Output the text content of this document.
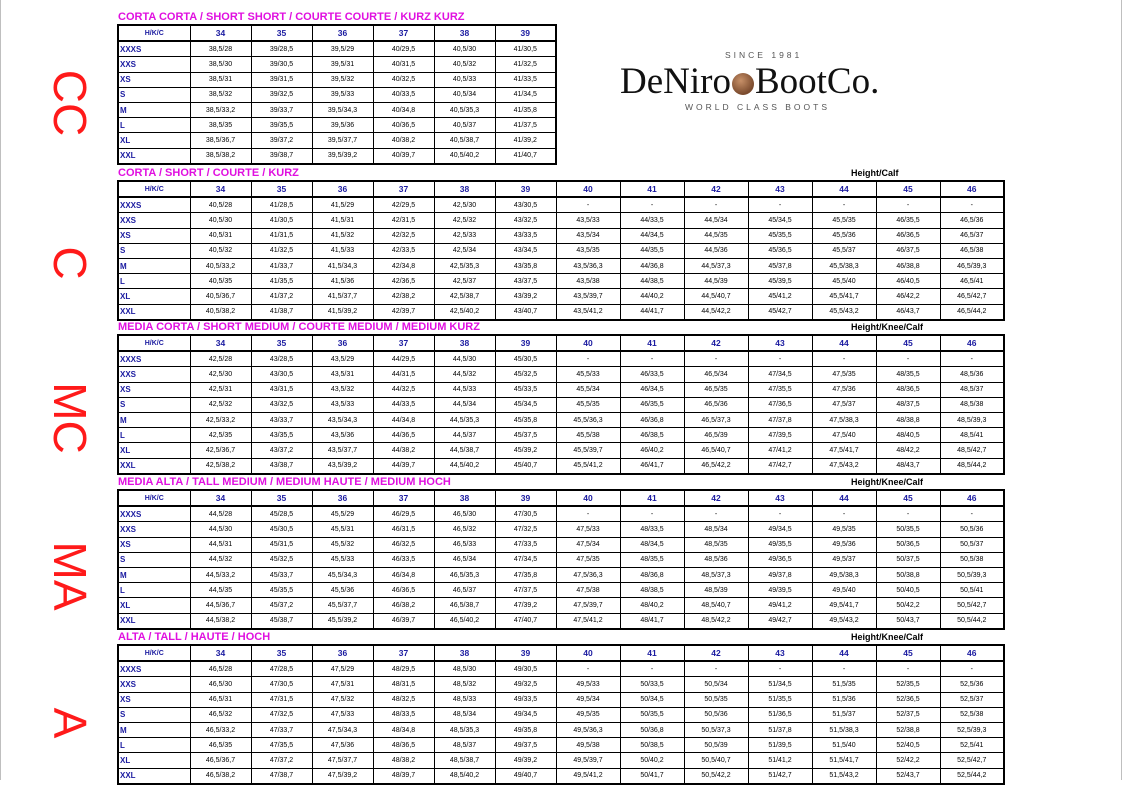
SINCE 1981
DeNiro BootCo.
WORLD CLASS BOOTS
CC
CORTA CORTA / SHORT SHORT / COURTE COURTE / KURZ KURZ
H/K/C	34	35	36	37	38	39
XXXS	38,5/28	39/28,5	39,5/29	40/29,5	40,5/30	41/30,5
XXS	38,5/30	39/30,5	39,5/31	40/31,5	40,5/32	41/32,5
XS	38,5/31	39/31,5	39,5/32	40/32,5	40,5/33	41/33,5
S	38,5/32	39/32,5	39,5/33	40/33,5	40,5/34	41/34,5
M	38,5/33,2	39/33,7	39,5/34,3	40/34,8	40,5/35,3	41/35,8
L	38,5/35	39/35,5	39,5/36	40/36,5	40,5/37	41/37,5
XL	38,5/36,7	39/37,2	39,5/37,7	40/38,2	40,5/38,7	41/39,2
XXL	38,5/38,2	39/38,7	39,5/39,2	40/39,7	40,5/40,2	41/40,7
C
CORTA / SHORT / COURTE / KURZ	Height/Calf
H/K/C	34	35	36	37	38	39	40	41	42	43	44	45	46
XXXS	40,5/28	41/28,5	41,5/29	42/29,5	42,5/30	43/30,5	-	-	-	-	-	-	-
XXS	40,5/30	41/30,5	41,5/31	42/31,5	42,5/32	43/32,5	43,5/33	44/33,5	44,5/34	45/34,5	45,5/35	46/35,5	46,5/36
XS	40,5/31	41/31,5	41,5/32	42/32,5	42,5/33	43/33,5	43,5/34	44/34,5	44,5/35	45/35,5	45,5/36	46/36,5	46,5/37
S	40,5/32	41/32,5	41,5/33	42/33,5	42,5/34	43/34,5	43,5/35	44/35,5	44,5/36	45/36,5	45,5/37	46/37,5	46,5/38
M	40,5/33,2	41/33,7	41,5/34,3	42/34,8	42,5/35,3	43/35,8	43,5/36,3	44/36,8	44,5/37,3	45/37,8	45,5/38,3	46/38,8	46,5/39,3
L	40,5/35	41/35,5	41,5/36	42/36,5	42,5/37	43/37,5	43,5/38	44/38,5	44,5/39	45/39,5	45,5/40	46/40,5	46,5/41
XL	40,5/36,7	41/37,2	41,5/37,7	42/38,2	42,5/38,7	43/39,2	43,5/39,7	44/40,2	44,5/40,7	45/41,2	45,5/41,7	46/42,2	46,5/42,7
XXL	40,5/38,2	41/38,7	41,5/39,2	42/39,7	42,5/40,2	43/40,7	43,5/41,2	44/41,7	44,5/42,2	45/42,7	45,5/43,2	46/43,7	46,5/44,2
MC
MEDIA CORTA / SHORT MEDIUM / COURTE MEDIUM / MEDIUM KURZ	Height/Knee/Calf
H/K/C	34	35	36	37	38	39	40	41	42	43	44	45	46
XXXS	42,5/28	43/28,5	43,5/29	44/29,5	44,5/30	45/30,5	-	-	-	-	-	-	-
XXS	42,5/30	43/30,5	43,5/31	44/31,5	44,5/32	45/32,5	45,5/33	46/33,5	46,5/34	47/34,5	47,5/35	48/35,5	48,5/36
XS	42,5/31	43/31,5	43,5/32	44/32,5	44,5/33	45/33,5	45,5/34	46/34,5	46,5/35	47/35,5	47,5/36	48/36,5	48,5/37
S	42,5/32	43/32,5	43,5/33	44/33,5	44,5/34	45/34,5	45,5/35	46/35,5	46,5/36	47/36,5	47,5/37	48/37,5	48,5/38
M	42,5/33,2	43/33,7	43,5/34,3	44/34,8	44,5/35,3	45/35,8	45,5/36,3	46/36,8	46,5/37,3	47/37,8	47,5/38,3	48/38,8	48,5/39,3
L	42,5/35	43/35,5	43,5/36	44/36,5	44,5/37	45/37,5	45,5/38	46/38,5	46,5/39	47/39,5	47,5/40	48/40,5	48,5/41
XL	42,5/36,7	43/37,2	43,5/37,7	44/38,2	44,5/38,7	45/39,2	45,5/39,7	46/40,2	46,5/40,7	47/41,2	47,5/41,7	48/42,2	48,5/42,7
XXL	42,5/38,2	43/38,7	43,5/39,2	44/39,7	44,5/40,2	45/40,7	45,5/41,2	46/41,7	46,5/42,2	47/42,7	47,5/43,2	48/43,7	48,5/44,2
MA
MEDIA ALTA / TALL MEDIUM / MEDIUM HAUTE / MEDIUM HOCH	Height/Knee/Calf
H/K/C	34	35	36	37	38	39	40	41	42	43	44	45	46
XXXS	44,5/28	45/28,5	45,5/29	46/29,5	46,5/30	47/30,5	-	-	-	-	-	-	-
XXS	44,5/30	45/30,5	45,5/31	46/31,5	46,5/32	47/32,5	47,5/33	48/33,5	48,5/34	49/34,5	49,5/35	50/35,5	50,5/36
XS	44,5/31	45/31,5	45,5/32	46/32,5	46,5/33	47/33,5	47,5/34	48/34,5	48,5/35	49/35,5	49,5/36	50/36,5	50,5/37
S	44,5/32	45/32,5	45,5/33	46/33,5	46,5/34	47/34,5	47,5/35	48/35,5	48,5/36	49/36,5	49,5/37	50/37,5	50,5/38
M	44,5/33,2	45/33,7	45,5/34,3	46/34,8	46,5/35,3	47/35,8	47,5/36,3	48/36,8	48,5/37,3	49/37,8	49,5/38,3	50/38,8	50,5/39,3
L	44,5/35	45/35,5	45,5/36	46/36,5	46,5/37	47/37,5	47,5/38	48/38,5	48,5/39	49/39,5	49,5/40	50/40,5	50,5/41
XL	44,5/36,7	45/37,2	45,5/37,7	46/38,2	46,5/38,7	47/39,2	47,5/39,7	48/40,2	48,5/40,7	49/41,2	49,5/41,7	50/42,2	50,5/42,7
XXL	44,5/38,2	45/38,7	45,5/39,2	46/39,7	46,5/40,2	47/40,7	47,5/41,2	48/41,7	48,5/42,2	49/42,7	49,5/43,2	50/43,7	50,5/44,2
A
ALTA / TALL / HAUTE / HOCH	Height/Knee/Calf
H/K/C	34	35	36	37	38	39	40	41	42	43	44	45	46
XXXS	46,5/28	47/28,5	47,5/29	48/29,5	48,5/30	49/30,5	-	-	-	-	-	-	-
XXS	46,5/30	47/30,5	47,5/31	48/31,5	48,5/32	49/32,5	49,5/33	50/33,5	50,5/34	51/34,5	51,5/35	52/35,5	52,5/36
XS	46,5/31	47/31,5	47,5/32	48/32,5	48,5/33	49/33,5	49,5/34	50/34,5	50,5/35	51/35,5	51,5/36	52/36,5	52,5/37
S	46,5/32	47/32,5	47,5/33	48/33,5	48,5/34	49/34,5	49,5/35	50/35,5	50,5/36	51/36,5	51,5/37	52/37,5	52,5/38
M	46,5/33,2	47/33,7	47,5/34,3	48/34,8	48,5/35,3	49/35,8	49,5/36,3	50/36,8	50,5/37,3	51/37,8	51,5/38,3	52/38,8	52,5/39,3
L	46,5/35	47/35,5	47,5/36	48/36,5	48,5/37	49/37,5	49,5/38	50/38,5	50,5/39	51/39,5	51,5/40	52/40,5	52,5/41
XL	46,5/36,7	47/37,2	47,5/37,7	48/38,2	48,5/38,7	49/39,2	49,5/39,7	50/40,2	50,5/40,7	51/41,2	51,5/41,7	52/42,2	52,5/42,7
XXL	46,5/38,2	47/38,7	47,5/39,2	48/39,7	48,5/40,2	49/40,7	49,5/41,2	50/41,7	50,5/42,2	51/42,7	51,5/43,2	52/43,7	52,5/44,2
